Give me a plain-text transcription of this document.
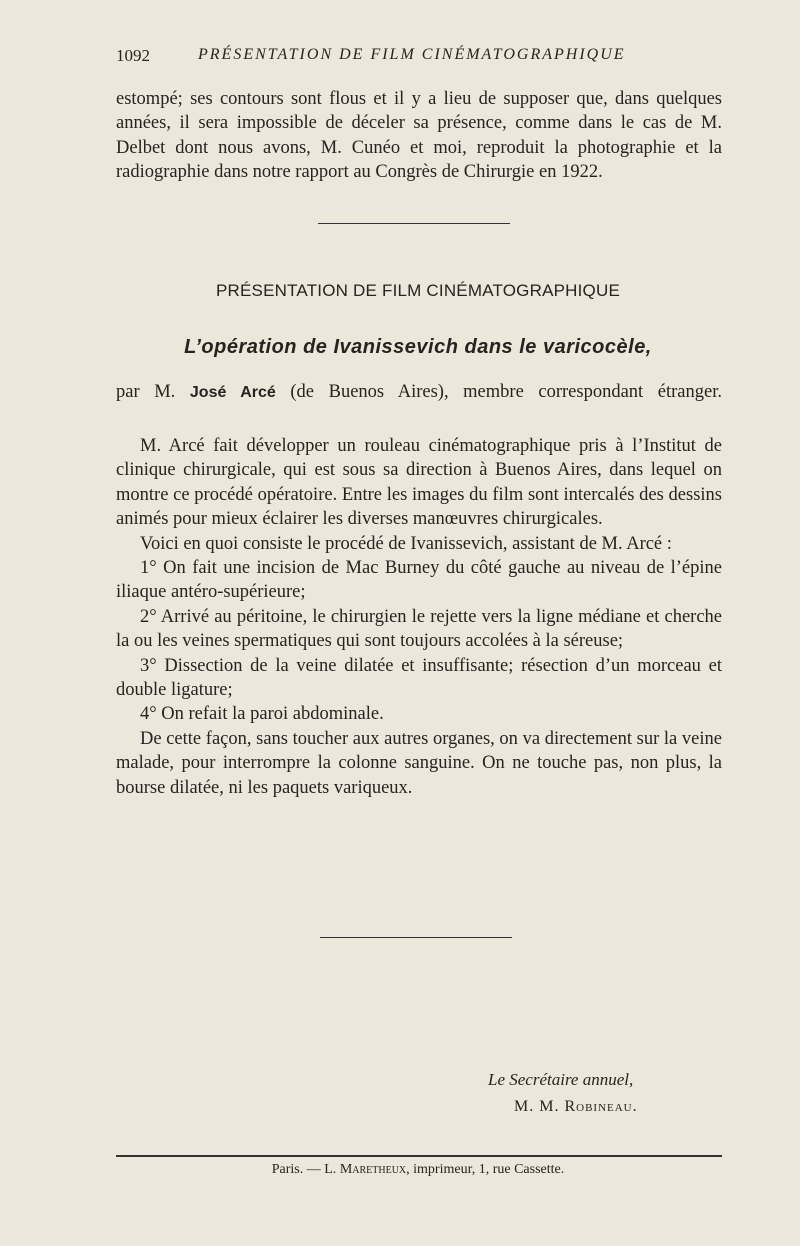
1092	PRÉSENTATION DE FILM CINÉMATOGRAPHIQUE

estompé; ses contours sont flous et il y a lieu de supposer que, dans quelques années, il sera impossible de déceler sa présence, comme dans le cas de M. Delbet dont nous avons, M. Cunéo et moi, reproduit la photographie et la radiographie dans notre rapport au Congrès de Chirurgie en 1922.

PRÉSENTATION DE FILM CINÉMATOGRAPHIQUE
L’opération de Ivanissevich dans le varicocèle,
par M. José Arcé (de Buenos Aires), membre correspondant étranger.

M. Arcé fait développer un rouleau cinématographique pris à l’Institut de clinique chirurgicale, qui est sous sa direction à Buenos Aires, dans lequel on montre ce procédé opératoire. Entre les images du film sont intercalés des dessins animés pour mieux éclairer les diverses manœuvres chirurgicales.

Voici en quoi consiste le procédé de Ivanissevich, assistant de M. Arcé :

1° On fait une incision de Mac Burney du côté gauche au niveau de l’épine iliaque antéro-supérieure;

2° Arrivé au péritoine, le chirurgien le rejette vers la ligne médiane et cherche la ou les veines spermatiques qui sont toujours accolées à la séreuse;

3° Dissection de la veine dilatée et insuffisante; résection d’un morceau et double ligature;

4° On refait la paroi abdominale.

De cette façon, sans toucher aux autres organes, on va directement sur la veine malade, pour interrompre la colonne sanguine. On ne touche pas, non plus, la bourse dilatée, ni les paquets variqueux.

Le Secrétaire annuel,
M. M. Robineau.
Paris. — L. Maretheux, imprimeur, 1, rue Cassette.
